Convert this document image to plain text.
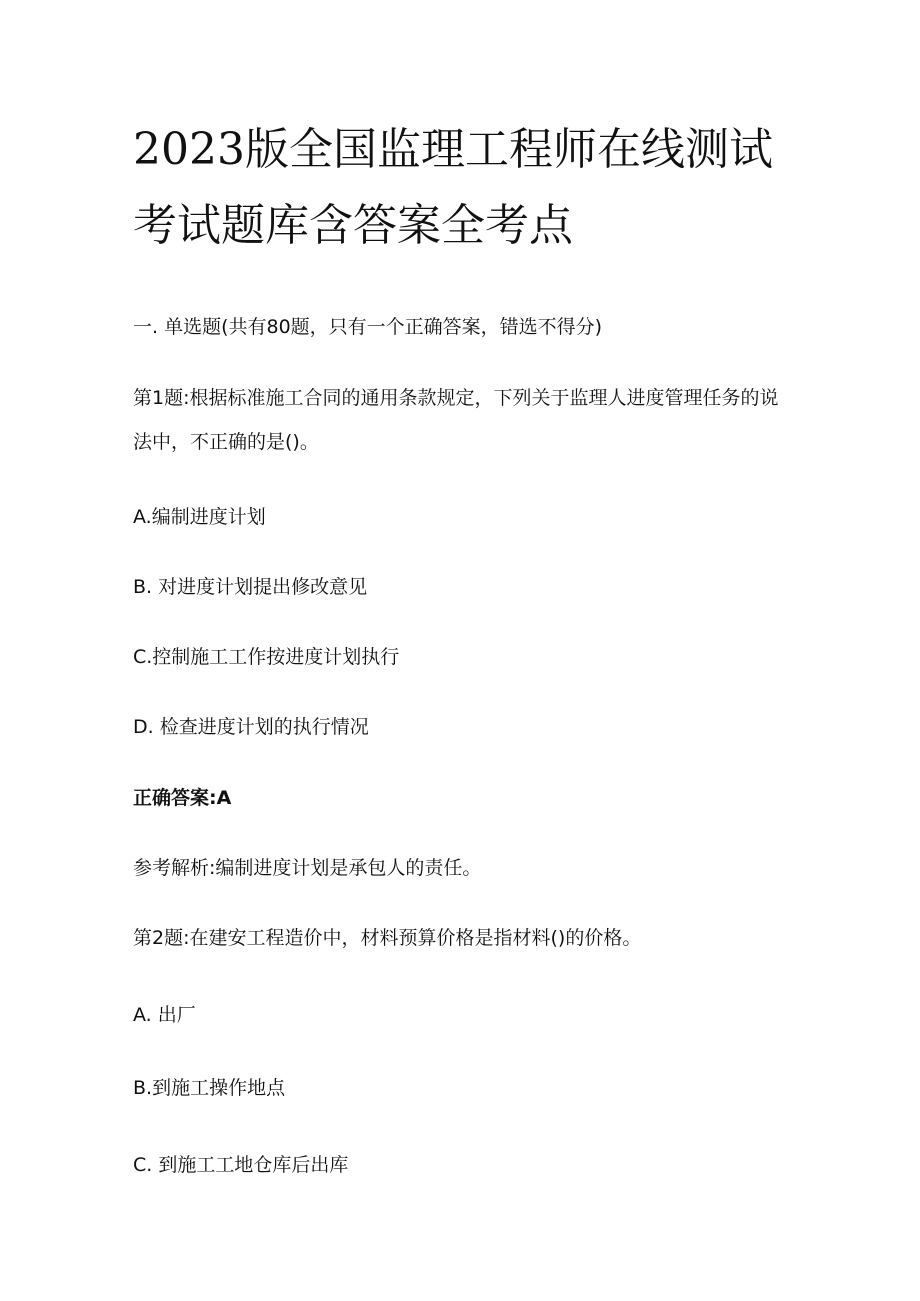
2023版全国监理工程师在线测试考试题库含答案全考点

一. 单选题(共有80题，只有一个正确答案，错选不得分)

第1题:根据标准施工合同的通用条款规定，下列关于监理人进度管理任务的说法中，不正确的是()。

A.编制进度计划

B. 对进度计划提出修改意见

C.控制施工工作按进度计划执行

D. 检查进度计划的执行情况

正确答案:A

参考解析:编制进度计划是承包人的责任。

第2题:在建安工程造价中，材料预算价格是指材料()的价格。

A. 出厂

B.到施工操作地点

C. 到施工工地仓库后出库
